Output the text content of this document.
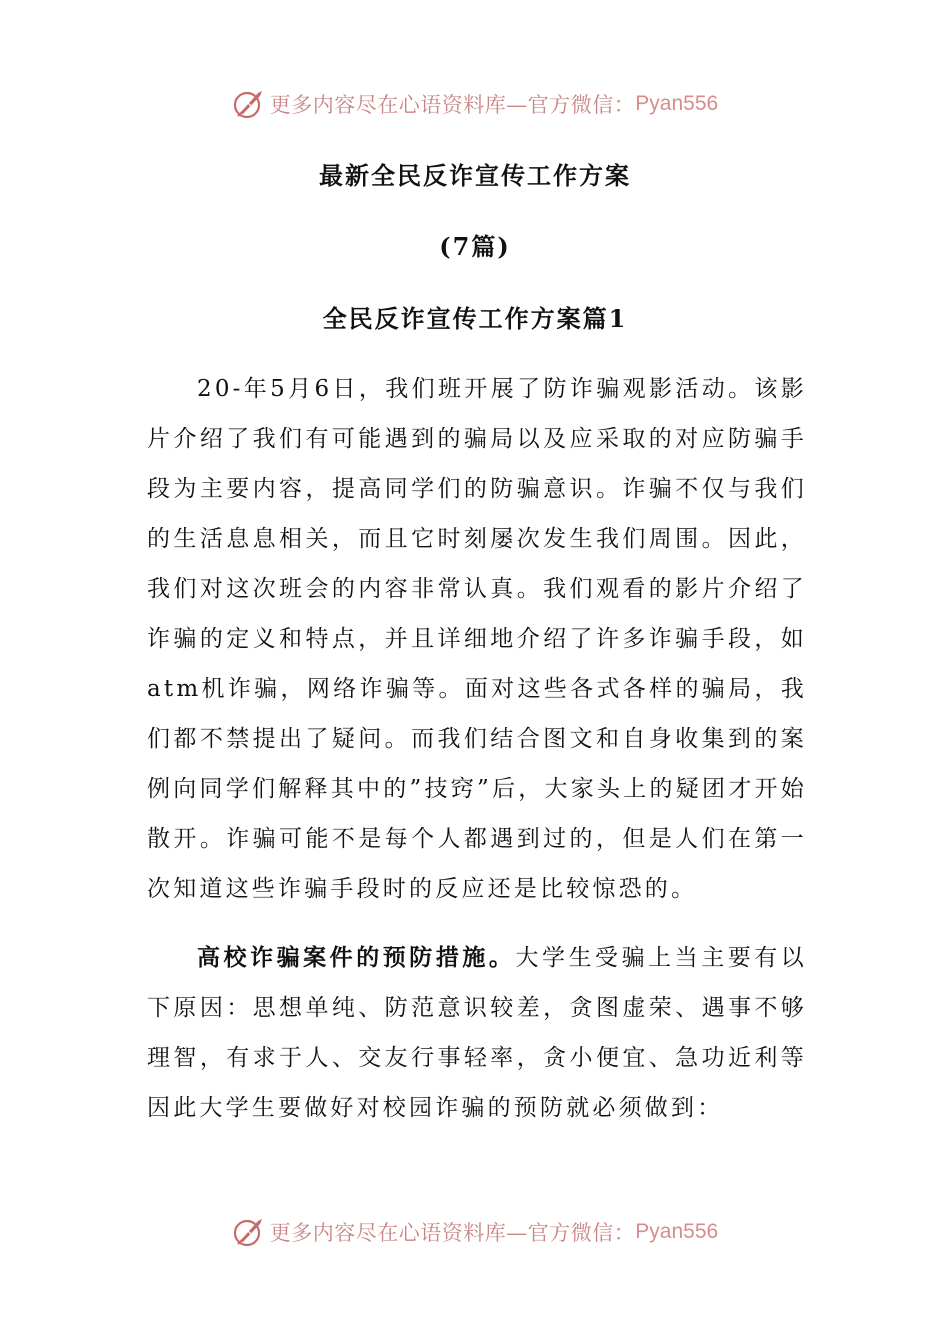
更多内容尽在心语资料库—官方微信： Pyan556
最新全民反诈宣传工作方案
(7篇)
全民反诈宣传工作方案篇1
20-年5月6日，我们班开展了防诈骗观影活动。该影片介绍了我们有可能遇到的骗局以及应采取的对应防骗手段为主要内容，提高同学们的防骗意识。诈骗不仅与我们的生活息息相关，而且它时刻屡次发生我们周围。因此，我们对这次班会的内容非常认真。我们观看的影片介绍了诈骗的定义和特点，并且详细地介绍了许多诈骗手段，如atm机诈骗，网络诈骗等。面对这些各式各样的骗局，我们都不禁提出了疑问。而我们结合图文和自身收集到的案例向同学们解释其中的”技窍”后，大家头上的疑团才开始散开。诈骗可能不是每个人都遇到过的，但是人们在第一次知道这些诈骗手段时的反应还是比较惊恐的。
高校诈骗案件的预防措施。大学生受骗上当主要有以下原因：思想单纯、防范意识较差，贪图虚荣、遇事不够理智，有求于人、交友行事轻率，贪小便宜、急功近利等因此大学生要做好对校园诈骗的预防就必须做到：
更多内容尽在心语资料库—官方微信： Pyan556
